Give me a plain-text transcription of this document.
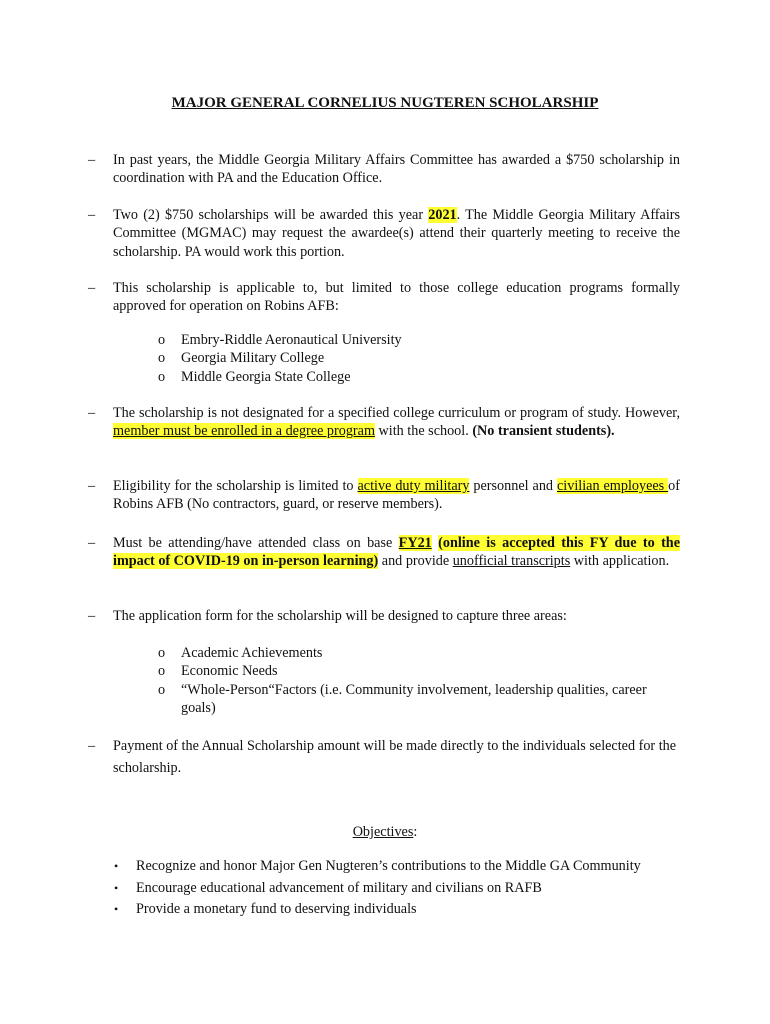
MAJOR GENERAL CORNELIUS NUGTEREN SCHOLARSHIP
– In past years, the Middle Georgia Military Affairs Committee has awarded a $750 scholarship in coordination with PA and the Education Office.
– Two (2) $750 scholarships will be awarded this year 2021. The Middle Georgia Military Affairs Committee (MGMAC) may request the awardee(s) attend their quarterly meeting to receive the scholarship. PA would work this portion.
– This scholarship is applicable to, but limited to those college education programs formally approved for operation on Robins AFB:
o Embry-Riddle Aeronautical University
o Georgia Military College
o Middle Georgia State College
– The scholarship is not designated for a specified college curriculum or program of study. However, member must be enrolled in a degree program with the school. (No transient students).
– Eligibility for the scholarship is limited to active duty military personnel and civilian employees of Robins AFB (No contractors, guard, or reserve members).
– Must be attending/have attended class on base FY21 (online is accepted this FY due to the impact of COVID-19 on in-person learning) and provide unofficial transcripts with application.
– The application form for the scholarship will be designed to capture three areas:
o Academic Achievements
o Economic Needs
o “Whole-Person“Factors (i.e. Community involvement, leadership qualities, career goals)
– Payment of the Annual Scholarship amount will be made directly to the individuals selected for the scholarship.
Objectives:
• Recognize and honor Major Gen Nugteren’s contributions to the Middle GA Community
• Encourage educational advancement of military and civilians on RAFB
• Provide a monetary fund to deserving individuals
